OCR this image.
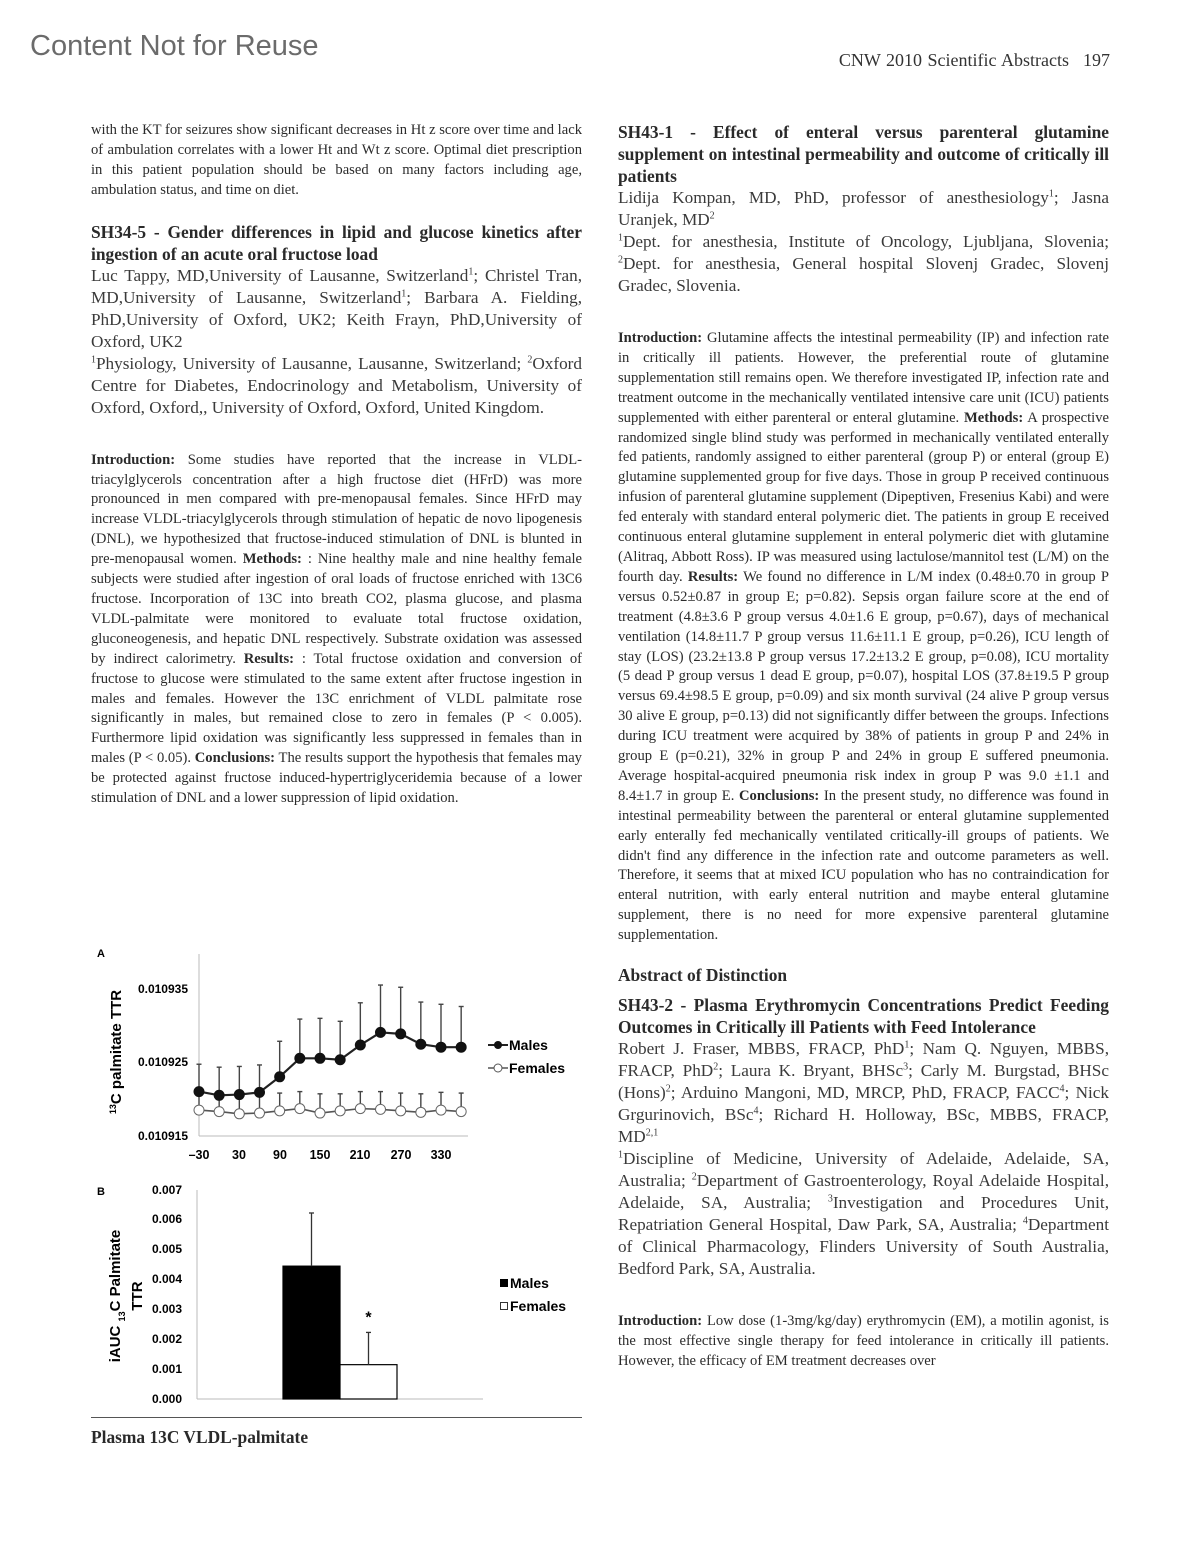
Content Not for Reuse	CNW 2010 Scientific Abstracts 197

with the KT for seizures show significant decreases in Ht z score over time and lack of ambulation correlates with a lower Ht and Wt z score. Optimal diet prescription in this patient population should be based on many factors including age, ambulation status, and time on diet.

SH34-5 - Gender differences in lipid and glucose kinetics after ingestion of an acute oral fructose load

Luc Tappy, MD,University of Lausanne, Switzerland$^1$; Christel Tran, MD,University of Lausanne, Switzerland$^1$; Barbara A. Fielding, PhD,University of Oxford, UK2; Keith Frayn, PhD,University of Oxford, UK2

$^1$Physiology, University of Lausanne, Lausanne, Switzerland; $^2$Oxford Centre for Diabetes, Endocrinology and Metabolism, University of Oxford, Oxford,, University of Oxford, Oxford, United Kingdom.

Introduction: Some studies have reported that the increase in VLDL-triacylglycerols concentration after a high fructose diet (HFrD) was more pronounced in men compared with pre-menopausal females. Since HFrD may increase VLDL-triacylglycerols through stimulation of hepatic de novo lipogenesis (DNL), we hypothesized that fructose-induced stimulation of DNL is blunted in pre-menopausal women. Methods: : Nine healthy male and nine healthy female subjects were studied after ingestion of oral loads of fructose enriched with 13C6 fructose. Incorporation of 13C into breath CO2, plasma glucose, and plasma VLDL-palmitate were monitored to evaluate total fructose oxidation, gluconeogenesis, and hepatic DNL respectively. Substrate oxidation was assessed by indirect calorimetry. Results: : Total fructose oxidation and conversion of fructose to glucose were stimulated to the same extent after fructose ingestion in males and females. However the 13C enrichment of VLDL palmitate rose significantly in males, but remained close to zero in females (P < 0.005). Furthermore lipid oxidation was significantly less suppressed in females than in males (P < 0.05). Conclusions: The results support the hypothesis that females may be protected against fructose induced-hypertriglyceridemia because of a lower stimulation of DNL and a lower suppression of lipid oxidation.

A
$^{13}$C palmitate TTR
0.010935
0.010925
0.010915
–30 30 90 150 210 270 330
Males
Females
B
iAUC $_{13}$C Palmitate TTR
0.000
0.001
0.002
0.003
0.004
0.005
0.006
0.007
*
Males
Females
Plasma 13C VLDL-palmitate

SH43-1 - Effect of enteral versus parenteral glutamine supplement on intestinal permeability and outcome of critically ill patients

Lidija Kompan, MD, PhD, professor of anesthesiology$^1$; Jasna Uranjek, $MD^2$

$^1$Dept. for anesthesia, Institute of Oncology, Ljubljana, Slovenia; $^2$Dept. for anesthesia, General hospital Slovenj Gradec, Slovenj Gradec, Slovenia.

Introduction: Glutamine affects the intestinal permeability (IP) and infection rate in critically ill patients. However, the preferential route of glutamine supplementation still remains open. We therefore investigated IP, infection rate and treatment outcome in the mechanically ventilated intensive care unit (ICU) patients supplemented with either parenteral or enteral glutamine. Methods: A prospective randomized single blind study was performed in mechanically ventilated enterally fed patients, randomly assigned to either parenteral (group P) or enteral (group E) glutamine supplemented group for five days. Those in group P received continuous infusion of parenteral glutamine supplement (Dipeptiven, Fresenius Kabi) and were fed enteraly with standard enteral polymeric diet. The patients in group E received continuous enteral glutamine supplement in enteral polymeric diet with glutamine (Alitraq, Abbott Ross). IP was measured using lactulose/mannitol test (L/M) on the fourth day. Results: We found no difference in L/M index (0.48±0.70 in group P versus 0.52±0.87 in group E; p=0.82). Sepsis organ failure score at the end of treatment (4.8±3.6 P group versus 4.0±1.6 E group, p=0.67), days of mechanical ventilation (14.8±11.7 P group versus 11.6±11.1 E group, p=0.26), ICU length of stay (LOS) (23.2±13.8 P group versus 17.2±13.2 E group, p=0.08), ICU mortality (5 dead P group versus 1 dead E group, p=0.07), hospital LOS (37.8±19.5 P group versus 69.4±98.5 E group, p=0.09) and six month survival (24 alive P group versus 30 alive E group, p=0.13) did not significantly differ between the groups. Infections during ICU treatment were acquired by 38% of patients in group P and 24% in group E (p=0.21), 32% in group P and 24% in group E suffered pneumonia. Average hospital-acquired pneumonia risk index in group P was 9.0 ±1.1 and 8.4±1.7 in group E. Conclusions: In the present study, no difference was found in intestinal permeability between the parenteral or enteral glutamine supplemented early enterally fed mechanically ventilated critically-ill groups of patients. We didn't find any difference in the infection rate and outcome parameters as well. Therefore, it seems that at mixed ICU population who has no contraindication for enteral nutrition, with early enteral nutrition and maybe enteral glutamine supplement, there is no need for more expensive parenteral glutamine supplementation.

Abstract of Distinction

SH43-2 - Plasma Erythromycin Concentrations Predict Feeding Outcomes in Critically ill Patients with Feed Intolerance

Robert J. Fraser, MBBS, FRACP, PhD$^1$; Nam Q. Nguyen, MBBS, FRACP, PhD$^2$; Laura K. Bryant, BHSc$^3$; Carly M. Burgstad, BHSc (Hons)$^2$; Arduino Mangoni, MD, MRCP, PhD, FRACP, FACC$^4$; Nick Grgurinovich, BSc$^4$; Richard H. Holloway, BSc, MBBS, FRACP, MD$^{2,1}$

$^1$Discipline of Medicine, University of Adelaide, Adelaide, SA, Australia; $^2$Department of Gastroenterology, Royal Adelaide Hospital, Adelaide, SA, Australia; $^3$Investigation and Procedures Unit, Repatriation General Hospital, Daw Park, SA, Australia; $^4$Department of Clinical Pharmacology, Flinders University of South Australia, Bedford Park, SA, Australia.

Introduction: Low dose (1-3mg/kg/day) erythromycin (EM), a motilin agonist, is the most effective single therapy for feed intolerance in critically ill patients. However, the efficacy of EM treatment decreases over
